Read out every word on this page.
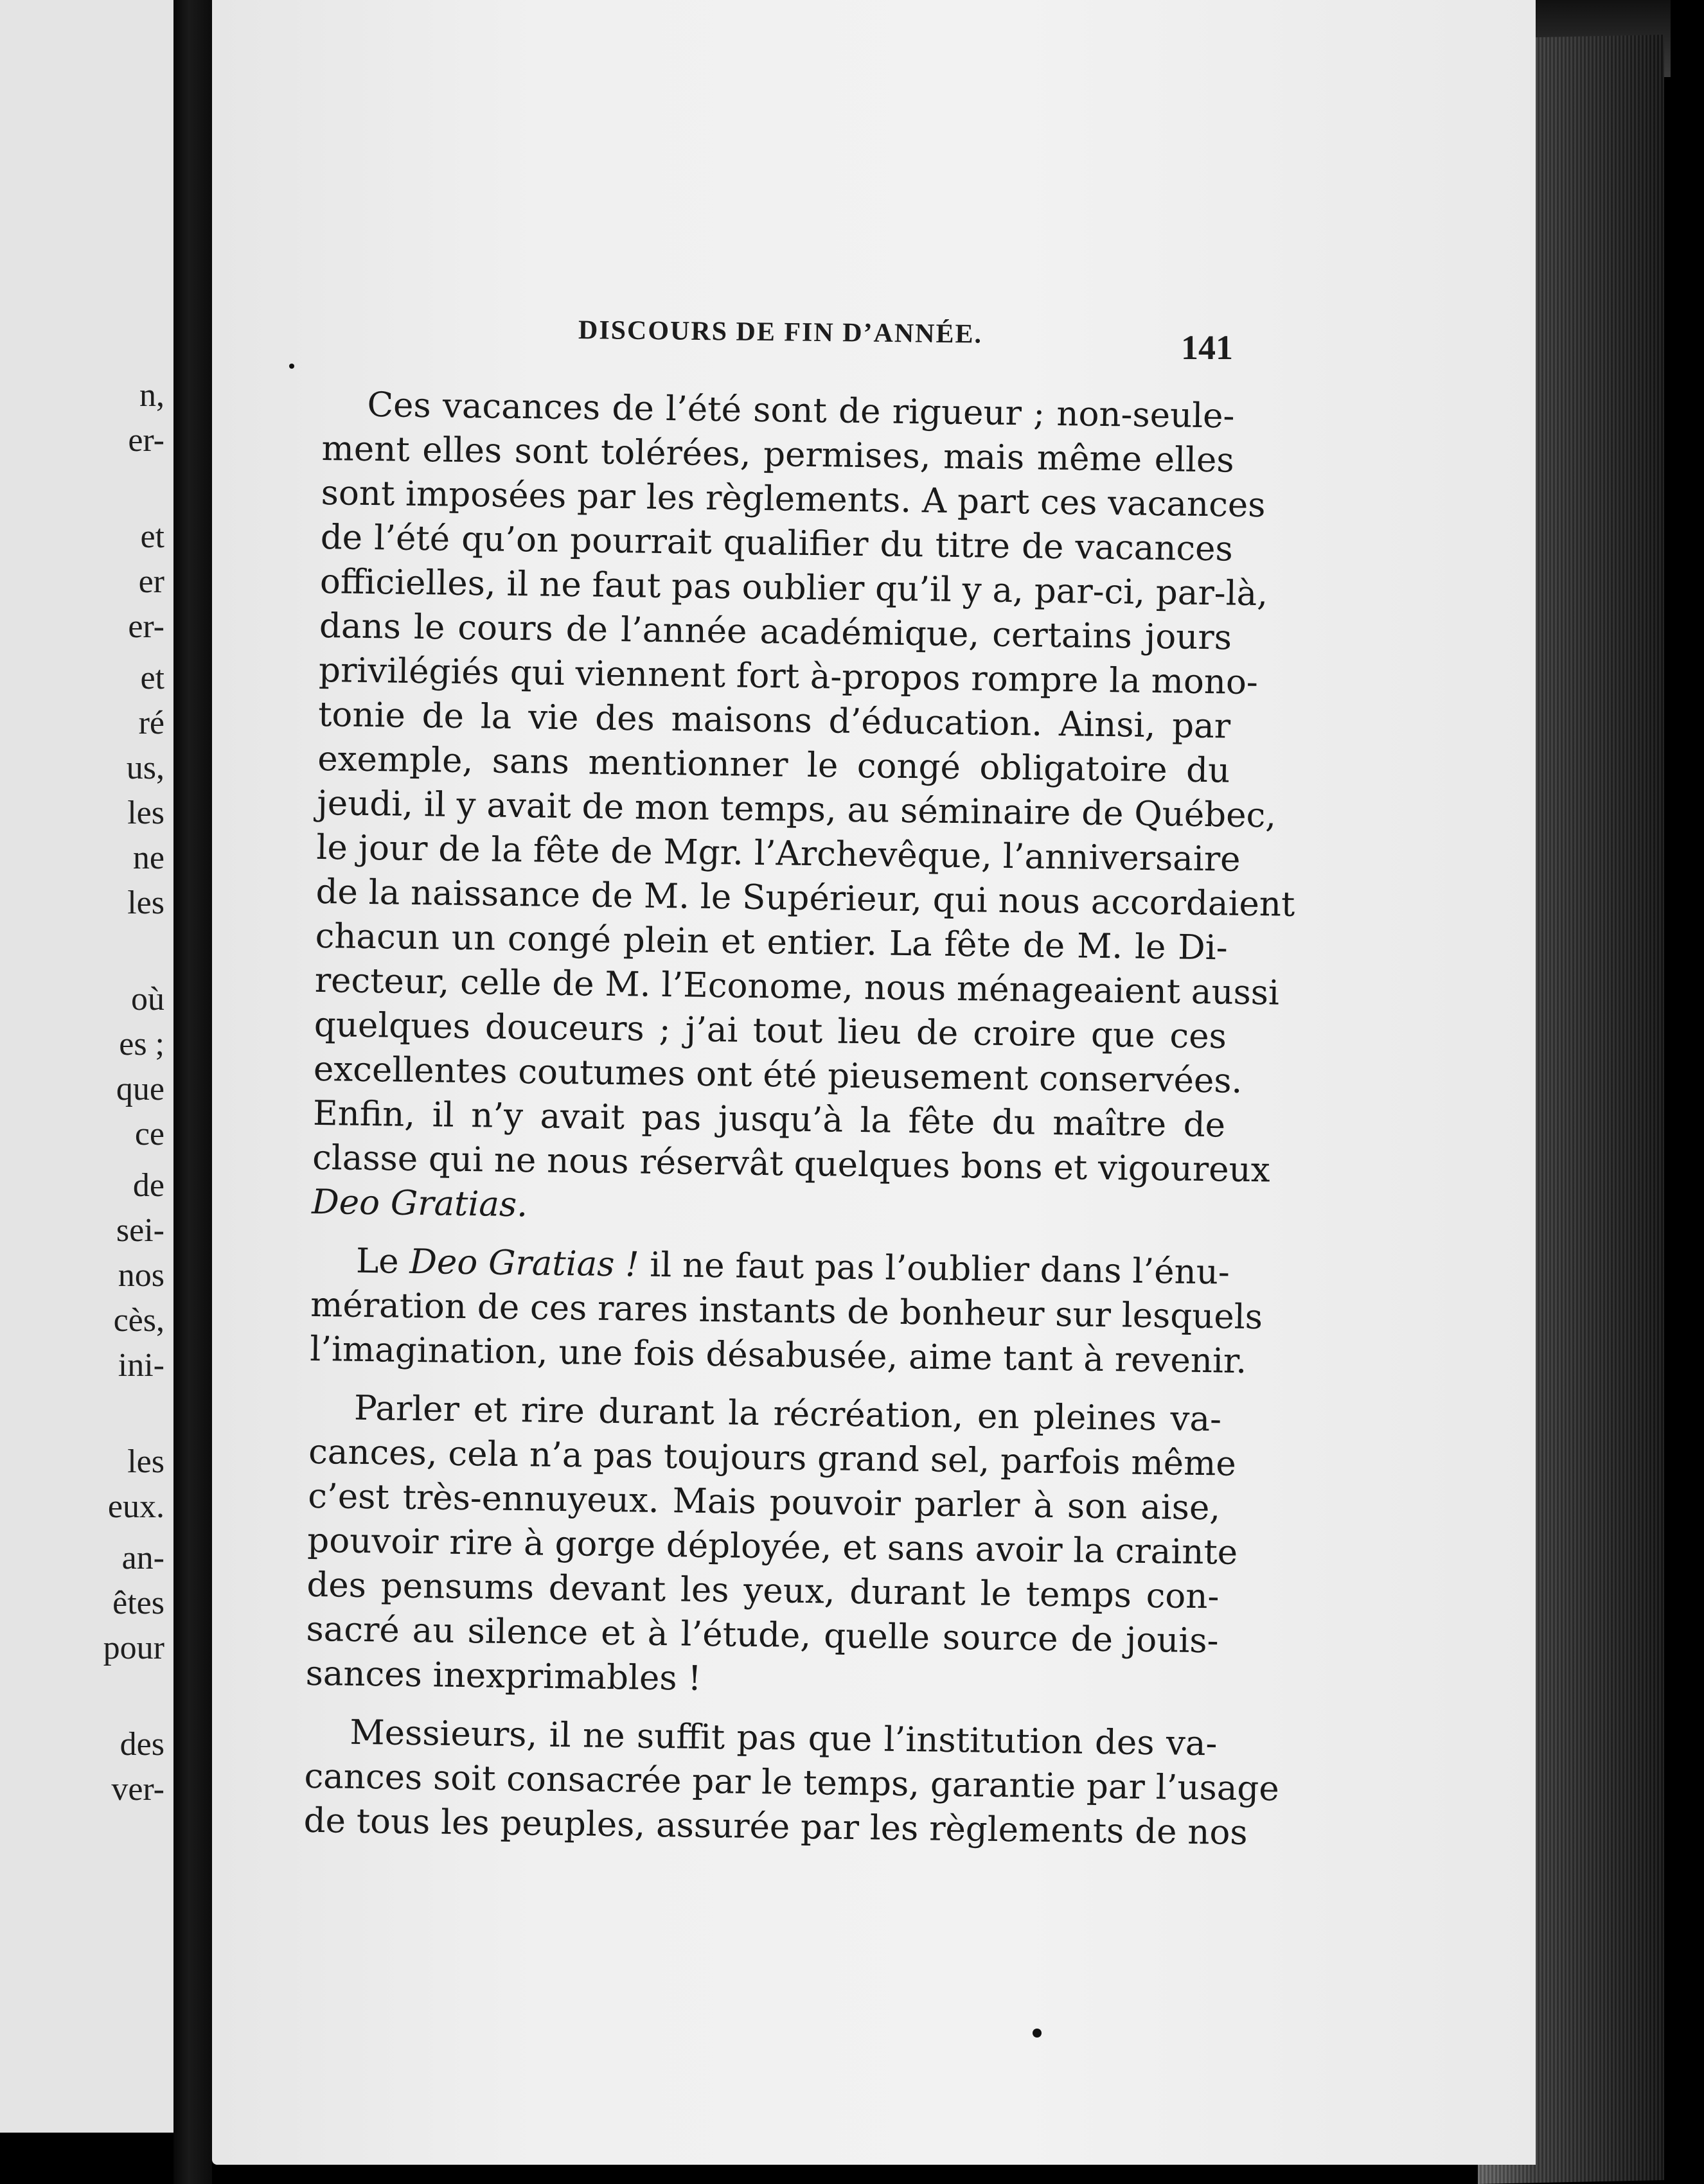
n,
er-
et
er
er-
et
ré
us,
les
ne
les
où
es ;
que
ce
de
sei-
nos
cès,
ini-
les
eux.
an-
êtes
pour
des
ver-
DISCOURS DE FIN D’ANNÉE.	141
Ces vacances de l’été sont de rigueur ; non-seule-
ment elles sont tolérées, permises, mais même elles
sont imposées par les règlements. A part ces vacances
de l’été qu’on pourrait qualifier du titre de vacances
officielles, il ne faut pas oublier qu’il y a, par-ci, par-là,
dans le cours de l’année académique, certains jours
privilégiés qui viennent fort à-propos rompre la mono-
tonie de la vie des maisons d’éducation. Ainsi, par
exemple, sans mentionner le congé obligatoire du
jeudi, il y avait de mon temps, au séminaire de Québec,
le jour de la fête de Mgr. l’Archevêque, l’anniversaire
de la naissance de M. le Supérieur, qui nous accordaient
chacun un congé plein et entier. La fête de M. le Di-
recteur, celle de M. l’Econome, nous ménageaient aussi
quelques douceurs ; j’ai tout lieu de croire que ces
excellentes coutumes ont été pieusement conservées.
Enfin, il n’y avait pas jusqu’à la fête du maître de
classe qui ne nous réservât quelques bons et vigoureux
Deo Gratias.
Le Deo Gratias ! il ne faut pas l’oublier dans l’énu-
mération de ces rares instants de bonheur sur lesquels
l’imagination, une fois désabusée, aime tant à revenir.
Parler et rire durant la récréation, en pleines va-
cances, cela n’a pas toujours grand sel, parfois même
c’est très-ennuyeux. Mais pouvoir parler à son aise,
pouvoir rire à gorge déployée, et sans avoir la crainte
des pensums devant les yeux, durant le temps con-
sacré au silence et à l’étude, quelle source de jouis-
sances inexprimables !
Messieurs, il ne suffit pas que l’institution des va-
cances soit consacrée par le temps, garantie par l’usage
de tous les peuples, assurée par les règlements de nos
